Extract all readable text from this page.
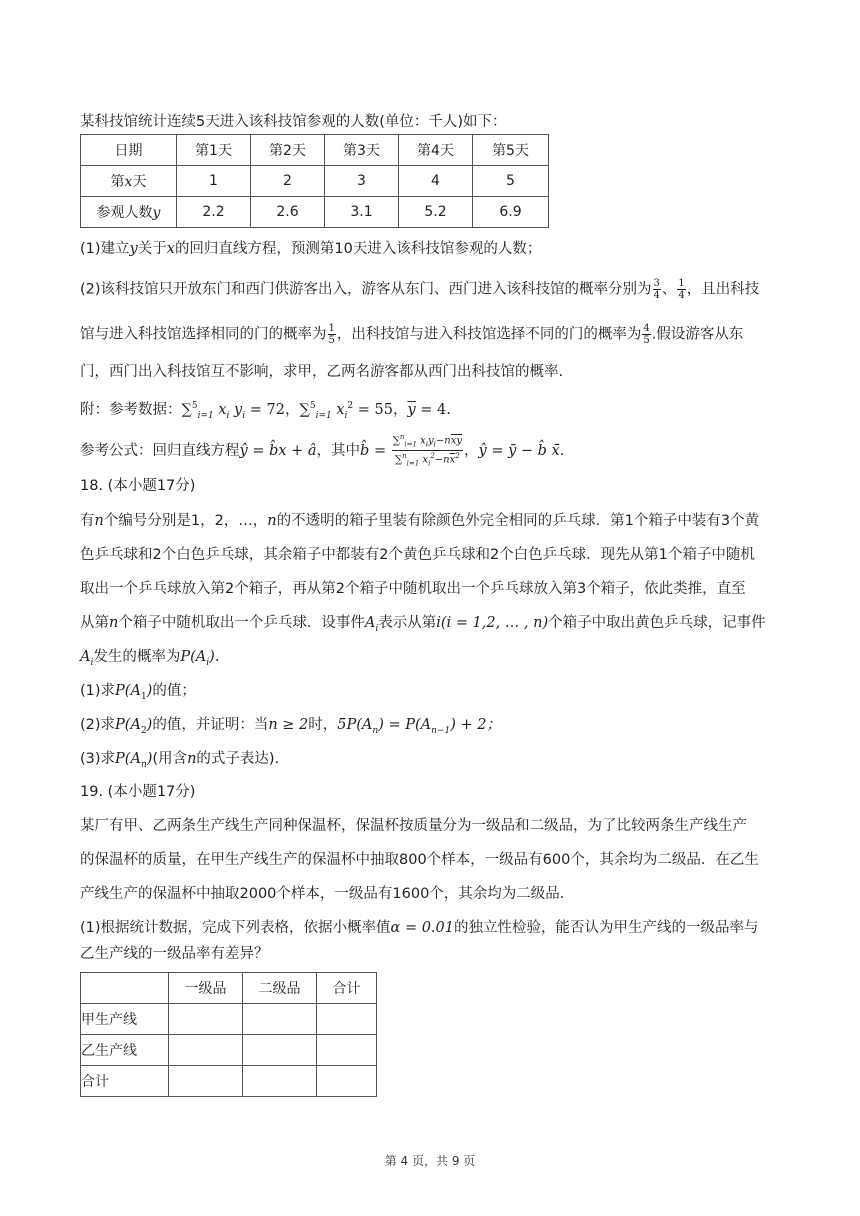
某科技馆统计连续5天进入该科技馆参观的人数(单位：千人)如下：
日期	第1天	第2天	第3天	第4天	第5天
第x天	1	2	3	4	5
参观人数y	2.2	2.6	3.1	5.2	6.9
(1)建立y关于x的回归直线方程，预测第10天进入该科技馆参观的人数；
(2)该科技馆只开放东门和西门供游客出入，游客从东门、西门进入该科技馆的概率分别为 $\frac{3}{4}$ 、 $\frac{1}{4}$ ，且出科技
馆与进入科技馆选择相同的门的概率为 $\frac{1}{5}$ ，出科技馆与进入科技馆选择不同的门的概率为 $\frac{4}{5}$ .假设游客从东
门，西门出入科技馆互不影响，求甲，乙两名游客都从西门出科技馆的概率.
附：参考数据：∑$^5_{i=1}$ $x_i$ $y_i = 72$，∑$^5_{i=1}$ $x_i^2 = 55$，$\overline{y} = 4$.
参考公式：回归直线方程ŷ = b̂x + â，其中b̂ = $\frac{\sum^n_{i=1} x_iy_i-n\overline{xy}}{\sum^n_{i=1} x_i^2-n\overline{x}^2}$ ，ŷ = ȳ − b̂ x̄.
18. (本小题17分)
有n个编号分别是1，2，…，n的不透明的箱子里装有除颜色外完全相同的乒乓球．第1个箱子中装有3个黄
色乒乓球和2个白色乒乓球，其余箱子中都装有2个黄色乒乓球和2个白色乒乓球．现先从第1个箱子中随机
取出一个乒乓球放入第2个箱子，再从第2个箱子中随机取出一个乒乓球放入第3个箱子，依此类推，直至
从第n个箱子中随机取出一个乒乓球．设事件$A_i$表示从第i(i = 1,2, … , n)个箱子中取出黄色乒乓球，记事件
$A_i$发生的概率为$P(A_i)$.
(1)求$P(A_1)$的值；
(2)求$P(A_2)$的值，并证明：当n ≥ 2时，$5P(A_n) = P(A_{n-1}) + 2$；
(3)求$P(A_n)$(用含n的式子表达).
19. (本小题17分)
某厂有甲、乙两条生产线生产同种保温杯，保温杯按质量分为一级品和二级品，为了比较两条生产线生产
的保温杯的质量，在甲生产线生产的保温杯中抽取800个样本，一级品有600个，其余均为二级品．在乙生
产线生产的保温杯中抽取2000个样本，一级品有1600个，其余均为二级品．
(1)根据统计数据，完成下列表格，依据小概率值α = 0.01的独立性检验，能否认为甲生产线的一级品率与
乙生产线的一级品率有差异？
	一级品	二级品	合计
甲生产线			
乙生产线			
合计			
第 4 页，共 9 页
